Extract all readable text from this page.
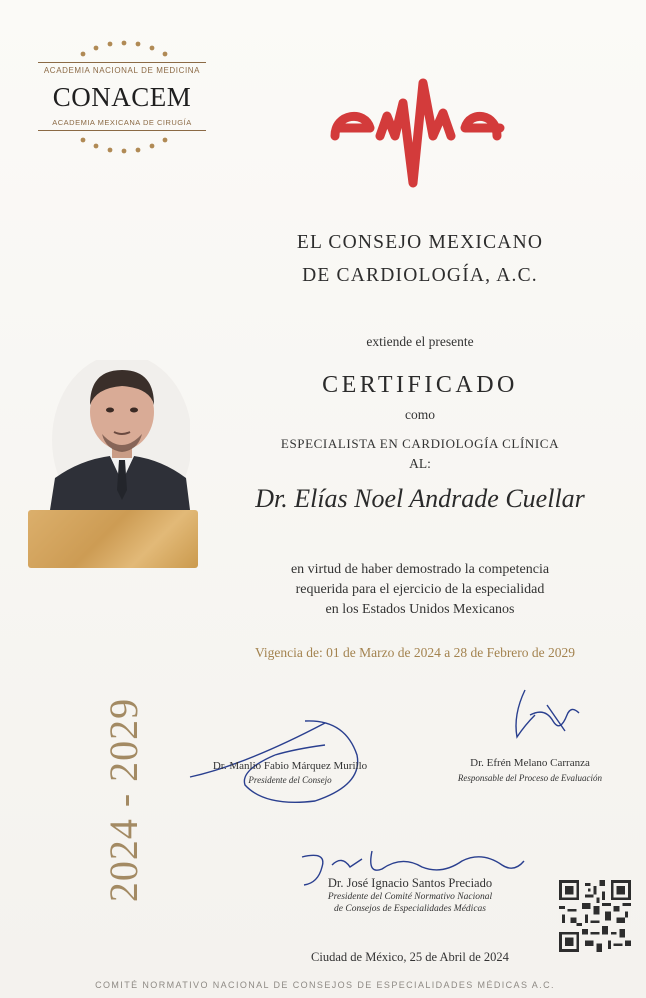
ACADEMIA NACIONAL DE MEDICINA
CONACEM
ACADEMIA MEXICANA DE CIRUGÍA
EL CONSEJO MEXICANO
DE CARDIOLOGÍA, A.C.
extiende el presente
CERTIFICADO
como
ESPECIALISTA EN CARDIOLOGÍA CLÍNICA
AL:
Dr. Elías Noel Andrade Cuellar
en virtud de haber demostrado la competencia
requerida para el ejercicio de la especialidad
en los Estados Unidos Mexicanos
Vigencia de: 01 de Marzo de 2024 a 28 de Febrero de 2029
2024 - 2029	Dr. Manlio Fabio Márquez Murillo
Presidente del Consejo
Dr. Efrén Melano Carranza
Responsable del Proceso de Evaluación
Dr. José Ignacio Santos Preciado
Presidente del Comité Normativo Nacional
de Consejos de Especialidades Médicas
Ciudad de México, 25 de Abril de 2024
COMITÉ NORMATIVO NACIONAL DE CONSEJOS DE ESPECIALIDADES MÉDICAS A.C.
